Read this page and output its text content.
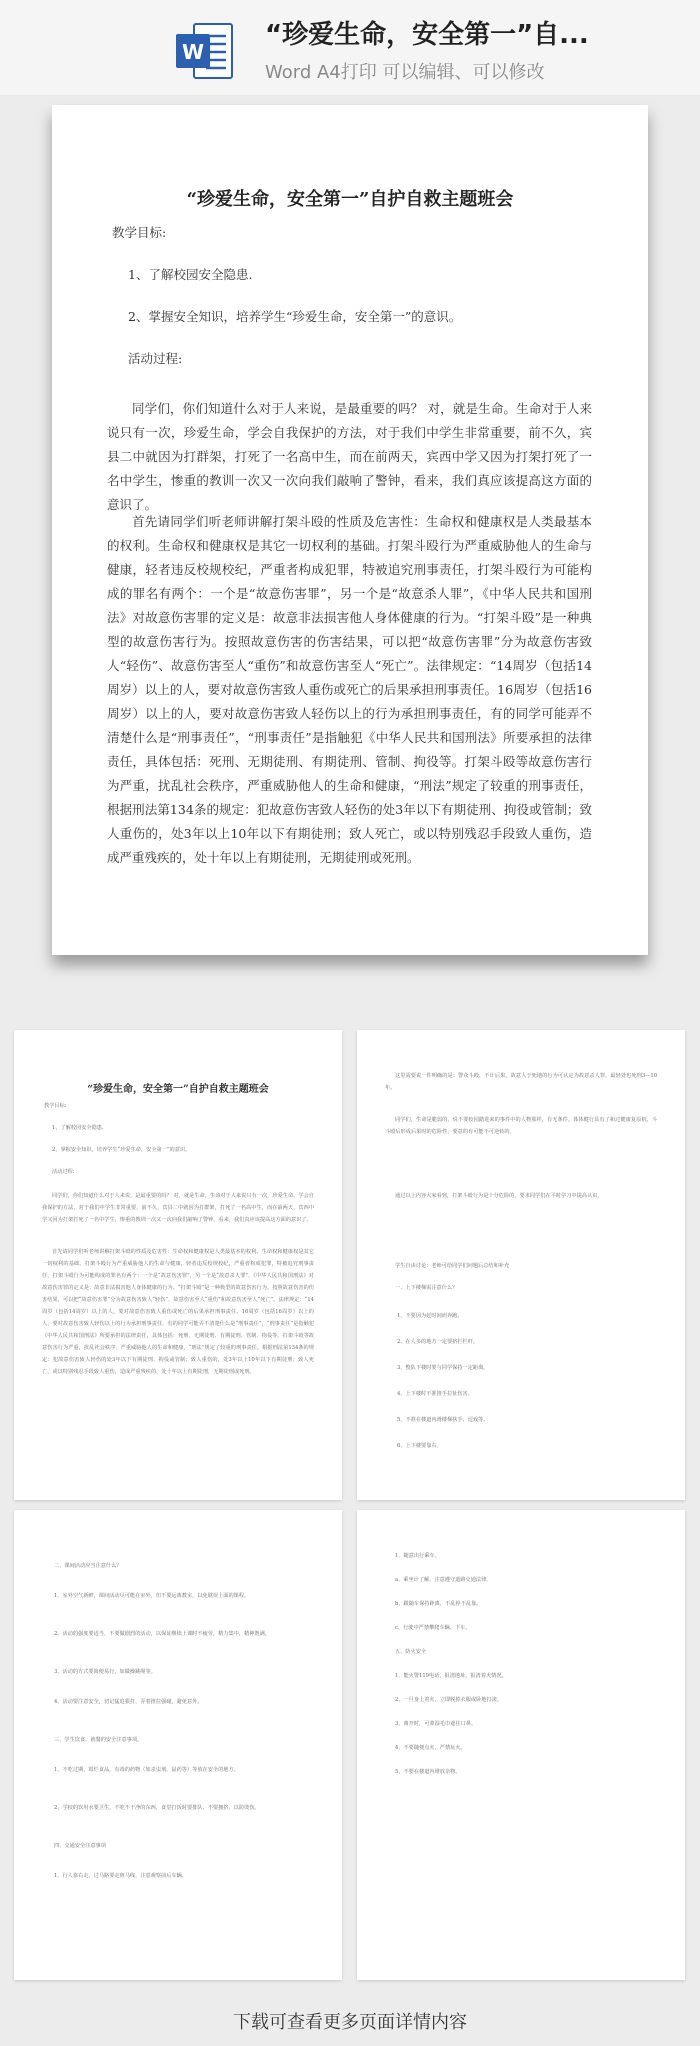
W
“珍爱生命，安全第一”自...
Word A4打印 可以编辑、可以修改
“珍爱生命，安全第一”自护自救主题班会

教学目标:

1、了解校园安全隐患.

2、掌握安全知识，培养学生“珍爱生命，安全第一”的意识。

活动过程:

同学们，你们知道什么对于人来说，是最重要的吗？ 对，就是生命。生命对于人来说只有一次，珍爱生命，学会自我保护的方法，对于我们中学生非常重要，前不久，宾县二中就因为打群架，打死了一名高中生，而在前两天，宾西中学又因为打架打死了一名中学生，惨重的教训一次又一次向我们敲响了警钟，看来，我们真应该提高这方面的意识了。

首先请同学们听老师讲解打架斗殴的性质及危害性：生命权和健康权是人类最基本的权利。生命权和健康权是其它一切权利的基础。打架斗殴行为严重威胁他人的生命与健康，轻者违反校规校纪，严重者构成犯罪，特被追究刑事责任，打架斗殴行为可能构成的罪名有两个：一个是“故意伤害罪”，另一个是“故意杀人罪”，《中华人民共和国刑法》对故意伤害罪的定义是：故意非法损害他人身体健康的行为。“打架斗殴”是一种典型的故意伤害行为。按照故意伤害的伤害结果，可以把“故意伤害罪”分为故意伤害致人“轻伤”、故意伤害至人“重伤”和故意伤害至人“死亡”。法律规定：“14周岁（包括14周岁）以上的人，要对故意伤害致人重伤或死亡的后果承担刑事责任。16周岁（包括16周岁）以上的人，要对故意伤害致人轻伤以上的行为承担刑事责任，有的同学可能弄不清楚什么是“刑事责任”，“刑事责任”是指触犯《中华人民共和国刑法》所要承担的法律责任，具体包括：死刑、无期徒刑、有期徒刑、管制、拘役等。打架斗殴等故意伤害行为严重，扰乱社会秩序，严重威胁他人的生命和健康，“刑法”规定了较重的刑事责任，根据刑法第134条的规定：犯故意伤害致人轻伤的处3年以下有期徒刑、拘役或管制；致人重伤的，处3年以上10年以下有期徒刑；致人死亡，或以特别残忍手段致人重伤，造成严重残疾的，处十年以上有期徒刑，无期徒刑或死刑。

“珍爱生命，安全第一”自护自救主题班会

教学目标:

1、了解校园安全隐患.

2、掌握安全知识，培养学生“珍爱生命，安全第一”的意识。

活动过程:

同学们，你们知道什么对于人来说，是最重要的吗？ 对，就是生命。生命对于人来说只有一次，珍爱生命，学会自我保护的方法，对于我们中学生非常重要，前不久，宾县二中就因为打群架，打死了一名高中生，而在前两天，宾西中学又因为打架打死了一名中学生，惨重的教训一次又一次向我们敲响了警钟，看来，我们真应该提高这方面的意识了。

首先请同学们听老师讲解打架斗殴的性质及危害性：生命权和健康权是人类最基本的权利。生命权和健康权是其它一切权利的基础。打架斗殴行为严重威胁他人的生命与健康，轻者违反校规校纪，严重者构成犯罪，特被追究刑事责任，打架斗殴行为可能构成的罪名有两个：一个是“故意伤害罪”，另一个是“故意杀人罪”，《中华人民共和国刑法》对故意伤害罪的定义是：故意非法损害他人身体健康的行为。“打架斗殴”是一种典型的故意伤害行为。按照故意伤害的伤害结果，可以把“故意伤害罪”分为故意伤害致人“轻伤”、故意伤害至人“重伤”和故意伤害至人“死亡”。法律规定：“14周岁（包括14周岁）以上的人，要对故意伤害致人重伤或死亡的后果承担刑事责任。16周岁（包括16周岁）以上的人，要对故意伤害致人轻伤以上的行为承担刑事责任，有的同学可能弄不清楚什么是“刑事责任”，“刑事责任”是指触犯《中华人民共和国刑法》所要承担的法律责任，具体包括：死刑、无期徒刑、有期徒刑、管制、拘役等。打架斗殴等故意伤害行为严重，扰乱社会秩序，严重威胁他人的生命和健康，“刑法”规定了较重的刑事责任，根据刑法第134条的规定：犯故意伤害致人轻伤的处3年以下有期徒刑、拘役或管制；致人重伤的，处3年以上10年以下有期徒刑；致人死亡，或以特别残忍手段致人重伤，造成严重残疾的，处十年以上有期徒刑，无期徒刑或死刑。

这里需要说一件明确的是：警众斗殴，不计后果，故意人于死地的行为可认定为故意杀人罪，最轻处也死刑3—10年。

同学们，生命是脆弱的，说不要校园踏进来的事件中的人物那样，有无条件。体体健行具有了和过健康复原机，斗斗殴后形成后果时的危险性，要意的有可能不可逆转的。

通过以上内容大家看到，打架斗殴行为是十分危险的，要求同学们在平时学习中提高认识。

学生自由讨论：老师可给同学们问题后总结和补充

一、上下楼梯需注意什么？

1、不要因为赶时间而奔跑。

2、在人多的地方一定要挤拦栏杆。

3、整队下楼时要与同学保持一定距离。

4、上下楼时不准推手拉扯伤害。

5、不准在楼道内滑楼梯扶手、逗戏等。

6、上下楼要靠右。

二、课间活动应当注意什么？

1、室外空气新鲜，课间活动尽可能在室外，但不要远离教室，以免耽误上面的课程。

2、活动的强度要适当，不要做剧烈的活动，以保证继续上课时不疲劳，精力集中，精神饱满。

3、活动的方式要简便易行，如做操跳绳等。

4、活动要注意安全，切记猛追狠打，弄着推拉强碰，避免意外。

三、学生饮食、就餐的安全注意事项。

1、不吃过期、霉烂食品，有毒的药物（如杀虫剂、鼠药等）等放在安全的地方。

2、学校的饮用水要卫生，不吃不干净的东西，食堂打饭时要排队，不要拥挤，以防烫伤。

四、交通安全注意事项

1、行人靠右走，过马路要走斑马线，注意观察前后车辆。

1、随意出行乘车。

a、乘坐计了解，注意遵守道路交通法律。

b、跟随车保持距离，不乱停不乱靠。

c、行驶中严禁攀爬车辆、下车。

五、防火安全

1、能火警119电话，报清地址，报清着火情况。

2、一旦身上着火，立即脱掉衣服或卧地打滚。

3、离开时，可蒙湿毛巾遮住口鼻。

4、不要随便点火，严禁玩火。

5、不要在楼道内堆放杂物。

下载可查看更多页面详情内容
